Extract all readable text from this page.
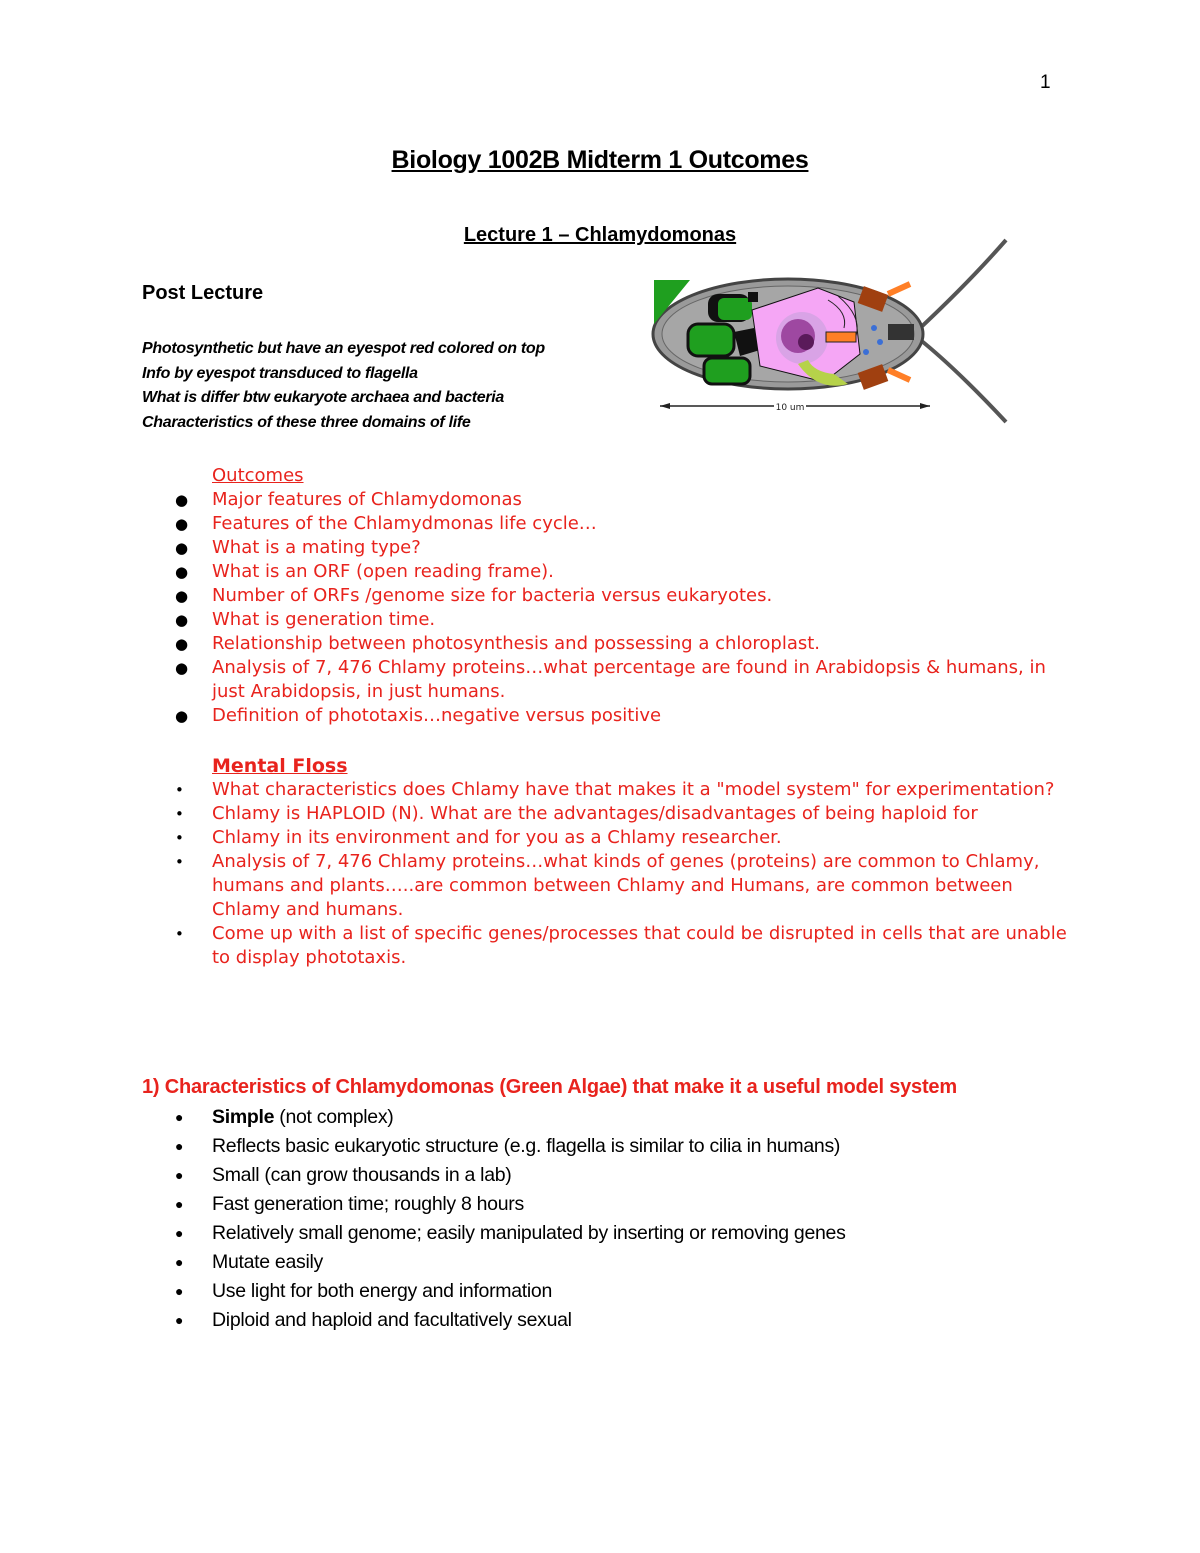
1
Biology 1002B Midterm 1 Outcomes
Lecture 1 – Chlamydomonas
Post Lecture
Photosynthetic but have an eyespot red colored on top
Info by eyespot transduced to flagella
What is differ btw eukaryote archaea and bacteria
Characteristics of these three domains of life
10 um
Outcomes
● Major features of Chlamydomonas
● Features of the Chlamydmonas life cycle…
● What is a mating type?
● What is an ORF (open reading frame).
● Number of ORFs /genome size for bacteria versus eukaryotes.
● What is generation time.
● Relationship between photosynthesis and possessing a chloroplast.
● Analysis of 7, 476 Chlamy proteins…what percentage are found in Arabidopsis & humans, in just Arabidopsis, in just humans.
● Definition of phototaxis…negative versus positive
Mental Floss
• What characteristics does Chlamy have that makes it a "model system" for experimentation?
• Chlamy is HAPLOID (N). What are the advantages/disadvantages of being haploid for
• Chlamy in its environment and for you as a Chlamy researcher.
• Analysis of 7, 476 Chlamy proteins…what kinds of genes (proteins) are common to Chlamy,
humans and plants…..are common between Chlamy and Humans, are common between Chlamy and humans.
• Come up with a list of specific genes/processes that could be disrupted in cells that are unable to display phototaxis.
1) Characteristics of Chlamydomonas (Green Algae) that make it a useful model system
● Simple (not complex)
● Reflects basic eukaryotic structure (e.g. flagella is similar to cilia in humans)
● Small (can grow thousands in a lab)
● Fast generation time; roughly 8 hours
● Relatively small genome; easily manipulated by inserting or removing genes
● Mutate easily
● Use light for both energy and information
● Diploid and haploid and facultatively sexual
